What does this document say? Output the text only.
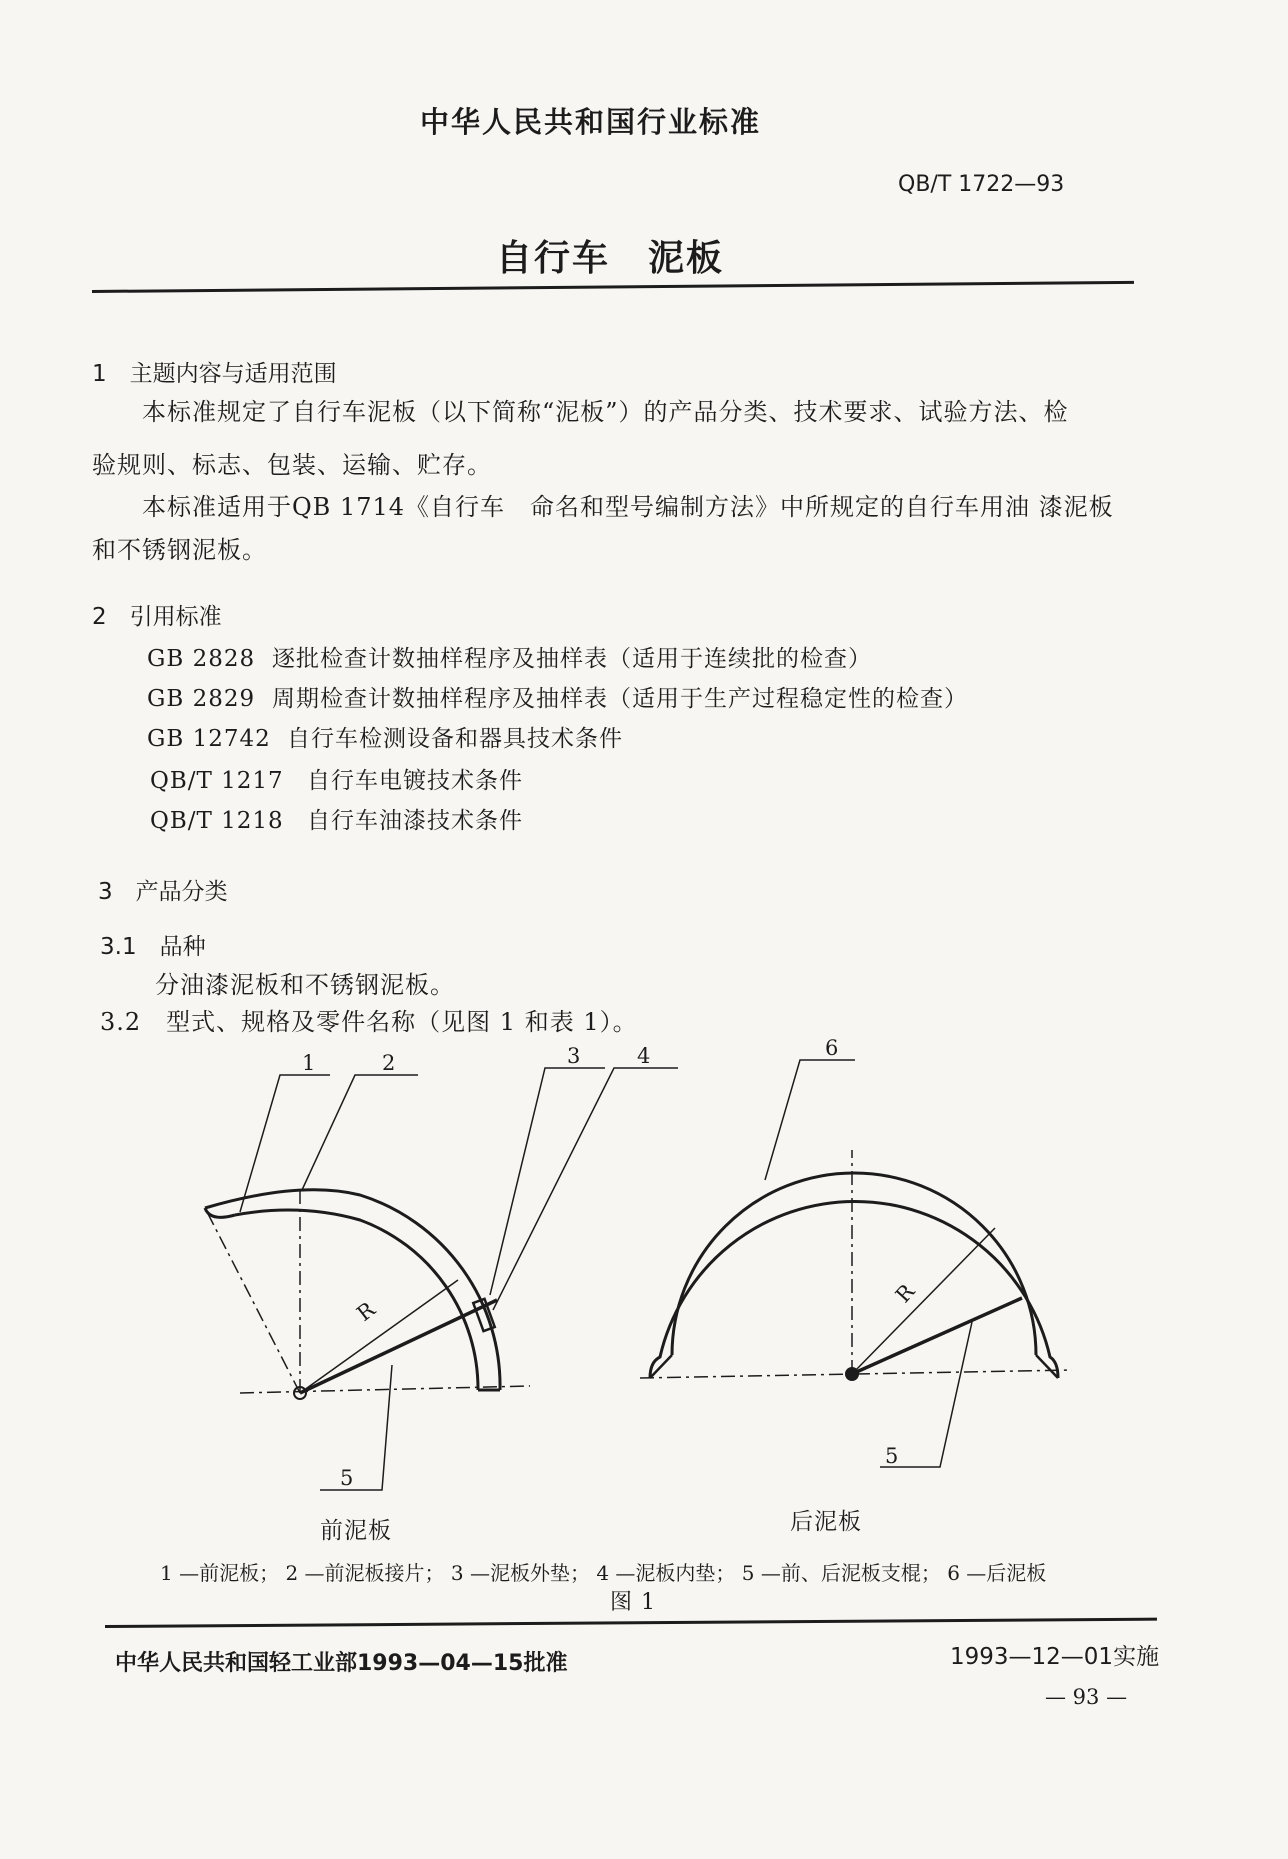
中华人民共和国行业标准
QB/T 1722—93
自行车　泥板
1　主题内容与适用范围
本标准规定了自行车泥板（以下简称“泥板”）的产品分类、技术要求、试验方法、检
验规则、标志、包装、运输、贮存。
本标准适用于QB 1714《自行车　命名和型号编制方法》中所规定的自行车用油 漆泥板
和不锈钢泥板。
2　引用标准
GB 2828 逐批检查计数抽样程序及抽样表（适用于连续批的检查）
GB 2829 周期检查计数抽样程序及抽样表（适用于生产过程稳定性的检查）
GB 12742 自行车检测设备和器具技术条件
QB/T 1217 自行车电镀技术条件
QB/T 1218 自行车油漆技术条件
3　产品分类
3.1　品种
分油漆泥板和不锈钢泥板。
3.2　型式、规格及零件名称（见图 1 和表 1）。
1	2	3	4
5
6
5
R
R
前泥板	后泥板
1 —前泥板； 2 —前泥板接片； 3 —泥板外垫； 4 —泥板内垫； 5 —前、后泥板支棍； 6 —后泥板
图 1
中华人民共和国轻工业部1993—04—15批准	1993—12—01实施
— 93 —
